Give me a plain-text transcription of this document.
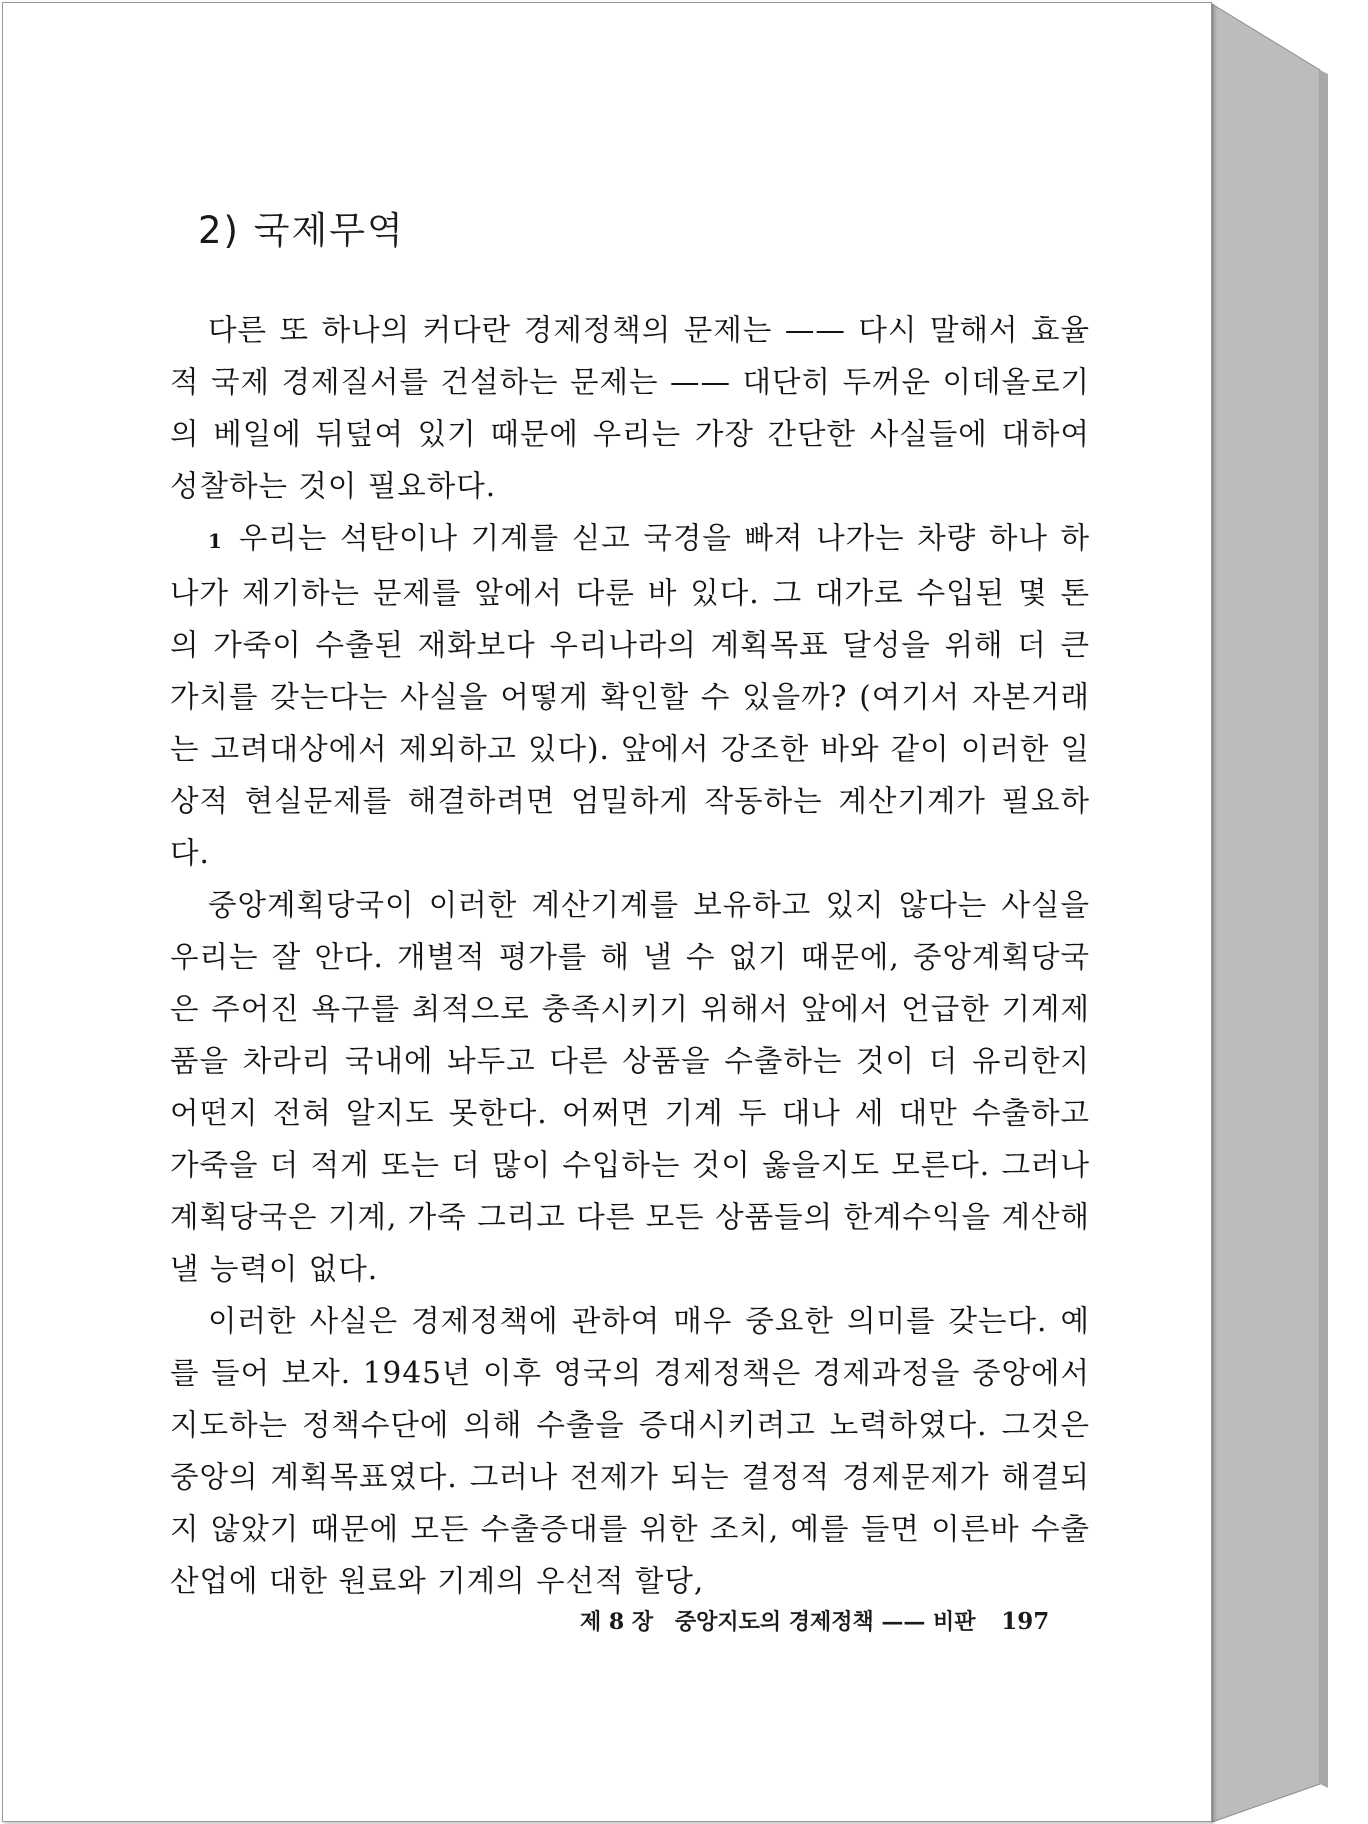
2) 국제무역

다른 또 하나의 커다란 경제정책의 문제는 —— 다시 말해서 효율적 국제 경제질서를 건설하는 문제는 —— 대단히 두꺼운 이데올로기의 베일에 뒤덮여 있기 때문에 우리는 가장 간단한 사실들에 대하여 성찰하는 것이 필요하다.

1 우리는 석탄이나 기계를 싣고 국경을 빠져 나가는 차량 하나 하나가 제기하는 문제를 앞에서 다룬 바 있다. 그 대가로 수입된 몇 톤의 가죽이 수출된 재화보다 우리나라의 계획목표 달성을 위해 더 큰 가치를 갖는다는 사실을 어떻게 확인할 수 있을까? (여기서 자본거래는 고려대상에서 제외하고 있다). 앞에서 강조한 바와 같이 이러한 일상적 현실문제를 해결하려면 엄밀하게 작동하는 계산기계가 필요하다.

중앙계획당국이 이러한 계산기계를 보유하고 있지 않다는 사실을 우리는 잘 안다. 개별적 평가를 해 낼 수 없기 때문에, 중앙계획당국은 주어진 욕구를 최적으로 충족시키기 위해서 앞에서 언급한 기계제품을 차라리 국내에 놔두고 다른 상품을 수출하는 것이 더 유리한지 어떤지 전혀 알지도 못한다. 어쩌면 기계 두 대나 세 대만 수출하고 가죽을 더 적게 또는 더 많이 수입하는 것이 옳을지도 모른다. 그러나 계획당국은 기계, 가죽 그리고 다른 모든 상품들의 한계수익을 계산해 낼 능력이 없다.

이러한 사실은 경제정책에 관하여 매우 중요한 의미를 갖는다. 예를 들어 보자. 1945년 이후 영국의 경제정책은 경제과정을 중앙에서 지도하는 정책수단에 의해 수출을 증대시키려고 노력하였다. 그것은 중앙의 계획목표였다. 그러나 전제가 되는 결정적 경제문제가 해결되지 않았기 때문에 모든 수출증대를 위한 조치, 예를 들면 이른바 수출산업에 대한 원료와 기계의 우선적 할당,

제 8 장 중앙지도의 경제정책 —— 비판 197
